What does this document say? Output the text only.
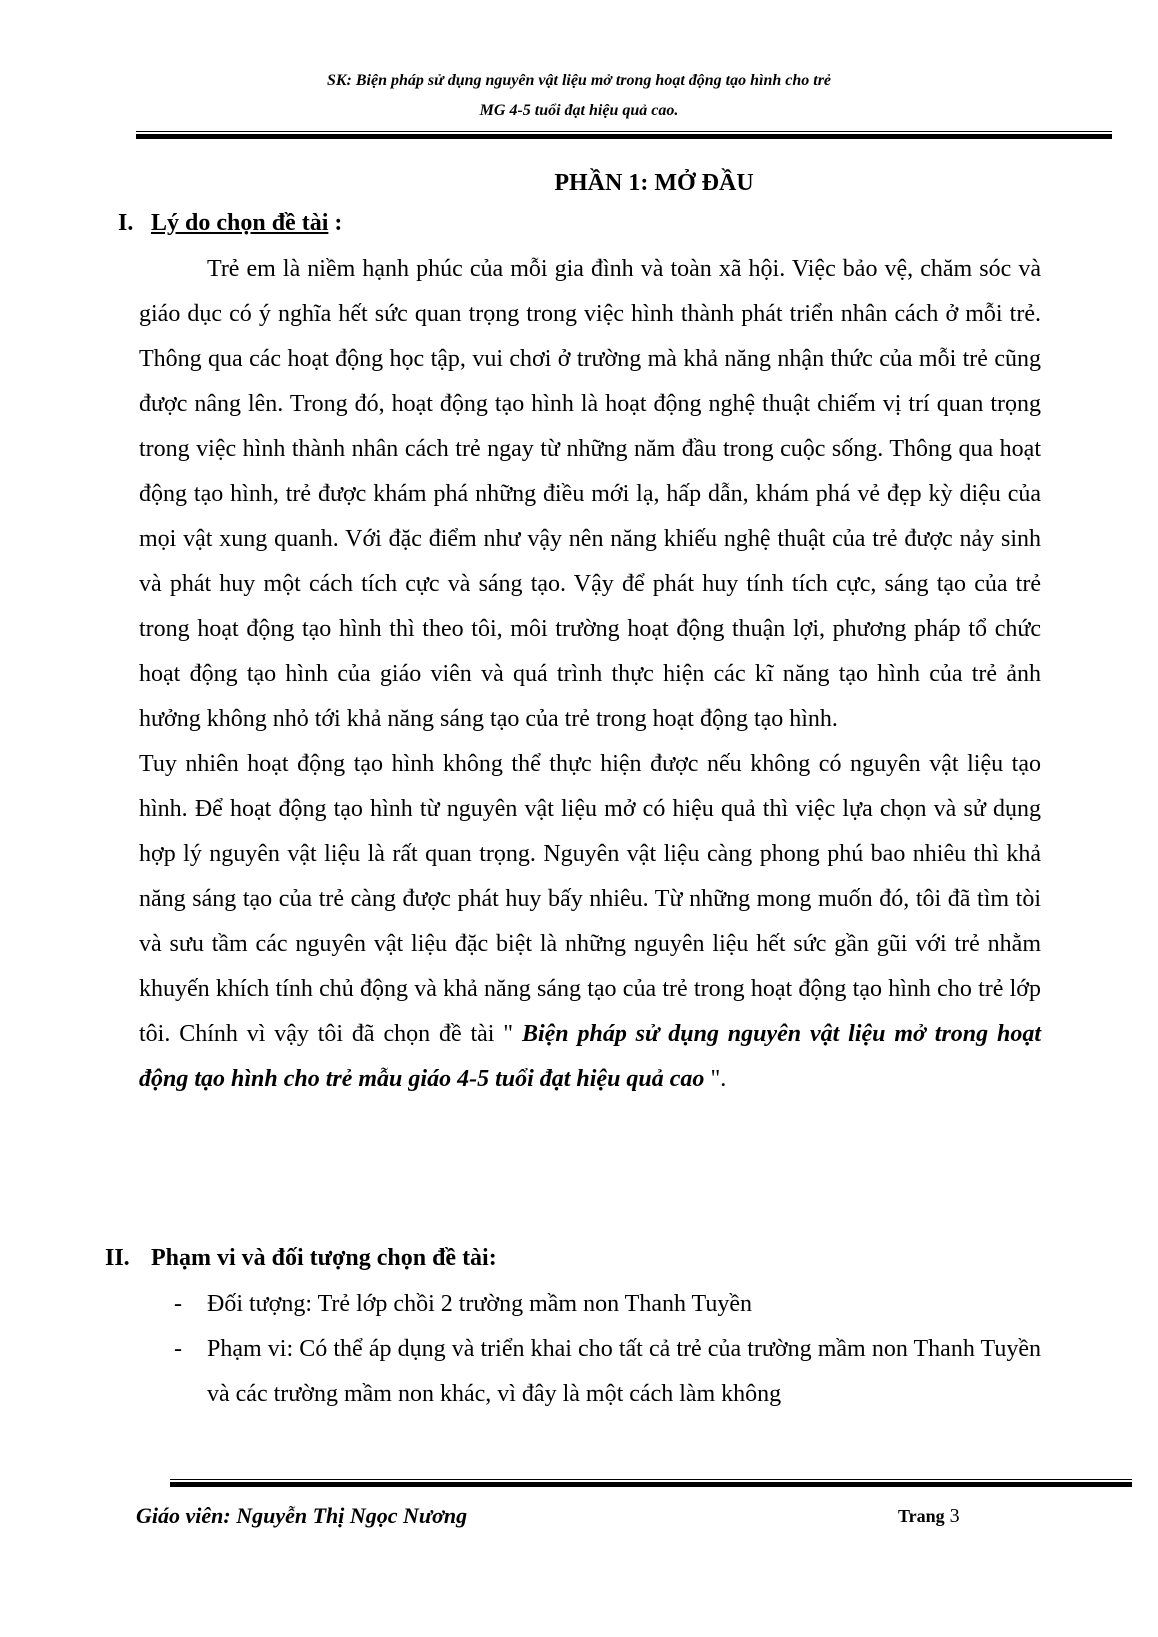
SK: Biện pháp sử dụng nguyên vật liệu mở trong hoạt động tạo hình cho trẻ
MG 4-5 tuổi đạt hiệu quả cao.
PHẦN 1: MỞ ĐẦU
I. Lý do chọn đề tài :

Trẻ em là niềm hạnh phúc của mỗi gia đình và toàn xã hội. Việc bảo vệ, chăm sóc và giáo dục có ý nghĩa hết sức quan trọng trong việc hình thành phát triển nhân cách ở mỗi trẻ. Thông qua các hoạt động học tập, vui chơi ở trường mà khả năng nhận thức của mỗi trẻ cũng được nâng lên. Trong đó, hoạt động tạo hình là hoạt động nghệ thuật chiếm vị trí quan trọng trong việc hình thành nhân cách trẻ ngay từ những năm đầu trong cuộc sống. Thông qua hoạt động tạo hình, trẻ được khám phá những điều mới lạ, hấp dẫn, khám phá vẻ đẹp kỳ diệu của mọi vật xung quanh. Với đặc điểm như vậy nên năng khiếu nghệ thuật của trẻ được nảy sinh và phát huy một cách tích cực và sáng tạo. Vậy để phát huy tính tích cực, sáng tạo của trẻ trong hoạt động tạo hình thì theo tôi, môi trường hoạt động thuận lợi, phương pháp tổ chức hoạt động tạo hình của giáo viên và quá trình thực hiện các kĩ năng tạo hình của trẻ ảnh hưởng không nhỏ tới khả năng sáng tạo của trẻ trong hoạt động tạo hình.

Tuy nhiên hoạt động tạo hình không thể thực hiện được nếu không có nguyên vật liệu tạo hình. Để hoạt động tạo hình từ nguyên vật liệu mở có hiệu quả thì việc lựa chọn và sử dụng hợp lý nguyên vật liệu là rất quan trọng. Nguyên vật liệu càng phong phú bao nhiêu thì khả năng sáng tạo của trẻ càng được phát huy bấy nhiêu. Từ những mong muốn đó, tôi đã tìm tòi và sưu tầm các nguyên vật liệu đặc biệt là những nguyên liệu hết sức gần gũi với trẻ nhằm khuyến khích tính chủ động và khả năng sáng tạo của trẻ trong hoạt động tạo hình cho trẻ lớp tôi. Chính vì vậy tôi đã chọn đề tài " Biện pháp sử dụng nguyên vật liệu mở trong hoạt động tạo hình cho trẻ mẫu giáo 4-5 tuổi đạt hiệu quả cao ".

II. Phạm vi và đối tượng chọn đề tài:
- Đối tượng: Trẻ lớp chồi 2 trường mầm non Thanh Tuyền
- Phạm vi: Có thể áp dụng và triển khai cho tất cả trẻ của trường mầm non Thanh Tuyền và các trường mầm non khác, vì đây là một cách làm không
Giáo viên: Nguyễn Thị Ngọc Nương	Trang 3
